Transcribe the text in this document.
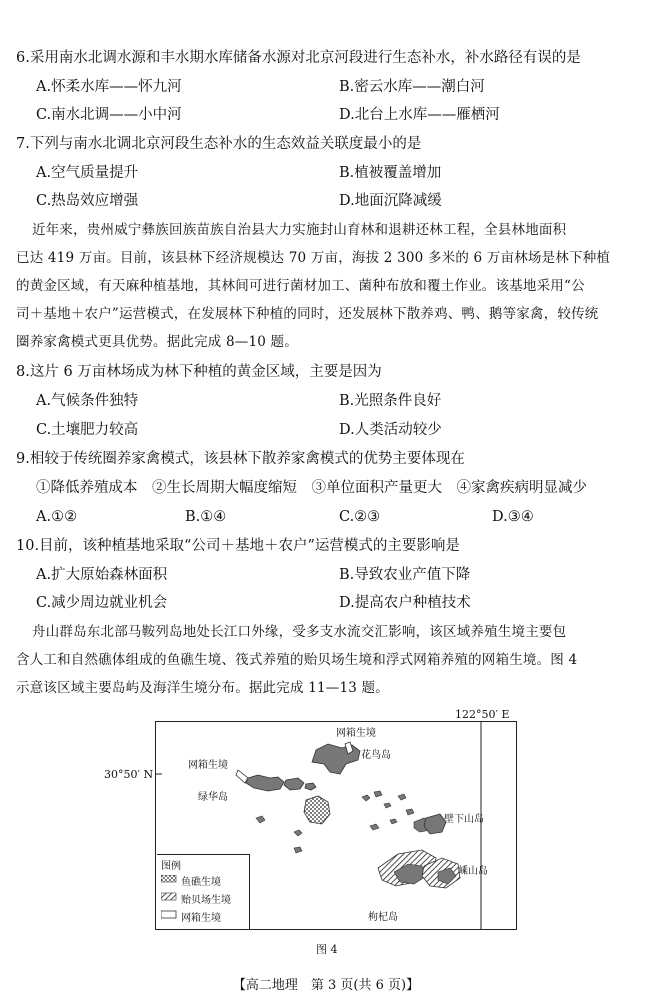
6.采用南水北调水源和丰水期水库储备水源对北京河段进行生态补水，补水路径有误的是
A.怀柔水库——怀九河	B.密云水库——潮白河
C.南水北调——小中河	D.北台上水库——雁栖河
7.下列与南水北调北京河段生态补水的生态效益关联度最小的是
A.空气质量提升	B.植被覆盖增加
C.热岛效应增强	D.地面沉降减缓
近年来，贵州威宁彝族回族苗族自治县大力实施封山育林和退耕还林工程，全县林地面积
已达 419 万亩。目前，该县林下经济规模达 70 万亩，海拔 2 300 多米的 6 万亩林场是林下种植
的黄金区域，有天麻种植基地，其林间可进行菌材加工、菌种布放和覆土作业。该基地采用“公
司＋基地＋农户”运营模式，在发展林下种植的同时，还发展林下散养鸡、鸭、鹅等家禽，较传统
圈养家禽模式更具优势。据此完成 8—10 题。
8.这片 6 万亩林场成为林下种植的黄金区域，主要是因为
A.气候条件独特	B.光照条件良好
C.土壤肥力较高	D.人类活动较少
9.相较于传统圈养家禽模式，该县林下散养家禽模式的优势主要体现在
①降低养殖成本　②生长周期大幅度缩短　③单位面积产量更大　④家禽疾病明显减少
A.①②	B.①④	C.②③	D.③④
10.目前，该种植基地采取“公司＋基地＋农户”运营模式的主要影响是
A.扩大原始森林面积	B.导致农业产值下降
C.减少周边就业机会	D.提高农户种植技术
舟山群岛东北部马鞍列岛地处长江口外缘，受多支水流交汇影响，该区域养殖生境主要包
含人工和自然礁体组成的鱼礁生境、筏式养殖的贻贝场生境和浮式网箱养殖的网箱生境。图 4
示意该区域主要岛屿及海洋生境分布。据此完成 11—13 题。
122°50′ E
30°50′ N
网箱生境
花鸟岛
网箱生境
绿华岛
壁下山岛
嵊山岛
枸杞岛
图例
鱼礁生境
贻贝场生境
网箱生境
图 4
【高二地理　第 3 页(共 6 页)】
